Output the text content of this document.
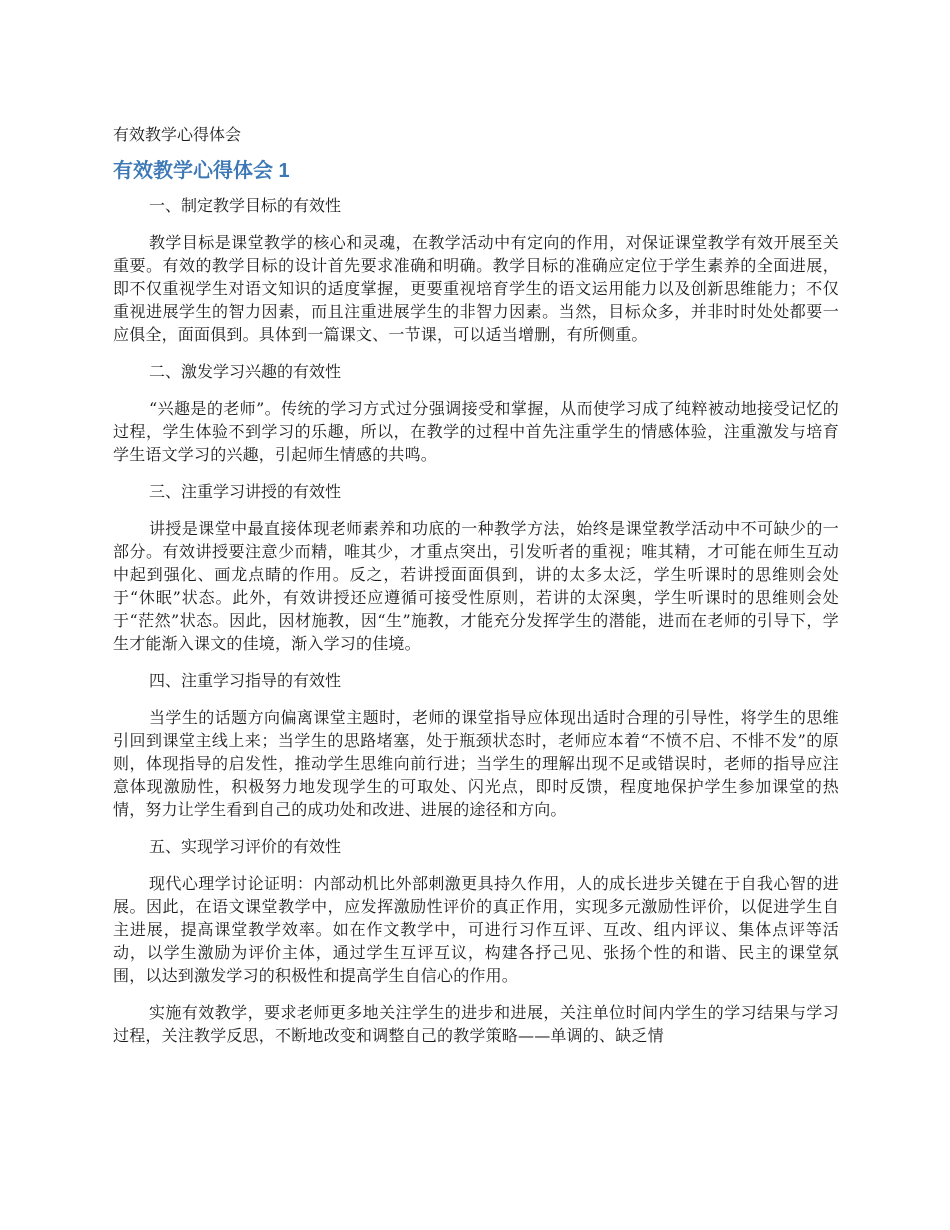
有效教学心得体会
有效教学心得体会 1
一、制定教学目标的有效性
教学目标是课堂教学的核心和灵魂，在教学活动中有定向的作用，对保证课堂教学有效开展至关重要。有效的教学目标的设计首先要求准确和明确。教学目标的准确应定位于学生素养的全面进展，即不仅重视学生对语文知识的适度掌握，更要重视培育学生的语文运用能力以及创新思维能力；不仅重视进展学生的智力因素，而且注重进展学生的非智力因素。当然，目标众多，并非时时处处都要一应俱全，面面俱到。具体到一篇课文、一节课，可以适当增删，有所侧重。
二、激发学习兴趣的有效性
“兴趣是的老师”。传统的学习方式过分强调接受和掌握，从而使学习成了纯粹被动地接受记忆的过程，学生体验不到学习的乐趣，所以，在教学的过程中首先注重学生的情感体验，注重激发与培育学生语文学习的兴趣，引起师生情感的共鸣。
三、注重学习讲授的有效性
讲授是课堂中最直接体现老师素养和功底的一种教学方法，始终是课堂教学活动中不可缺少的一部分。有效讲授要注意少而精，唯其少，才重点突出，引发听者的重视；唯其精，才可能在师生互动中起到强化、画龙点睛的作用。反之，若讲授面面俱到，讲的太多太泛，学生听课时的思维则会处于“休眠”状态。此外，有效讲授还应遵循可接受性原则，若讲的太深奥，学生听课时的思维则会处于“茫然”状态。因此，因材施教，因“生”施教，才能充分发挥学生的潜能，进而在老师的引导下，学生才能渐入课文的佳境，渐入学习的佳境。
四、注重学习指导的有效性
当学生的话题方向偏离课堂主题时，老师的课堂指导应体现出适时合理的引导性，将学生的思维引回到课堂主线上来；当学生的思路堵塞，处于瓶颈状态时，老师应本着“不愤不启、不悱不发”的原则，体现指导的启发性，推动学生思维向前行进；当学生的理解出现不足或错误时，老师的指导应注意体现激励性，积极努力地发现学生的可取处、闪光点，即时反馈，程度地保护学生参加课堂的热情，努力让学生看到自己的成功处和改进、进展的途径和方向。
五、实现学习评价的有效性
现代心理学讨论证明：内部动机比外部刺激更具持久作用，人的成长进步关键在于自我心智的进展。因此，在语文课堂教学中，应发挥激励性评价的真正作用，实现多元激励性评价，以促进学生自主进展，提高课堂教学效率。如在作文教学中，可进行习作互评、互改、组内评议、集体点评等活动，以学生激励为评价主体，通过学生互评互议，构建各抒己见、张扬个性的和谐、民主的课堂氛围，以达到激发学习的积极性和提高学生自信心的作用。
实施有效教学，要求老师更多地关注学生的进步和进展，关注单位时间内学生的学习结果与学习过程，关注教学反思，不断地改变和调整自己的教学策略——单调的、缺乏情
